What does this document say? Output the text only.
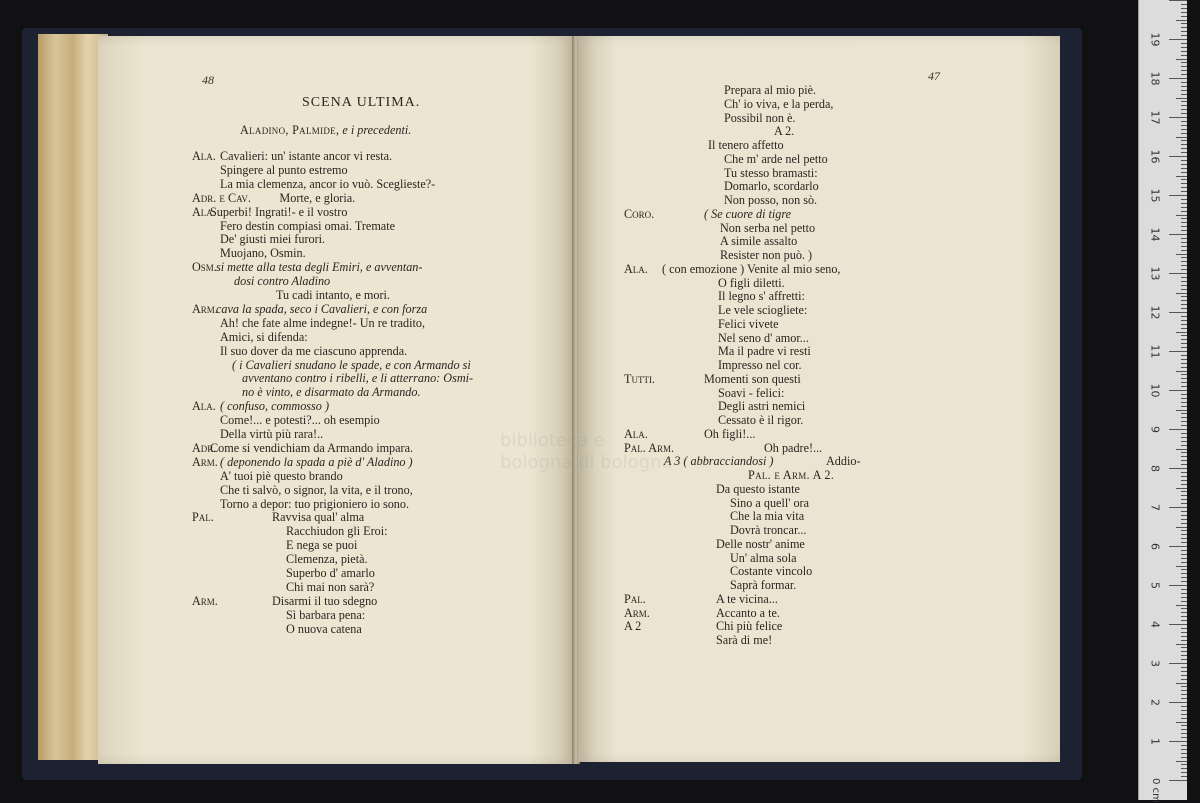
48
SCENA ULTIMA.
Aladino, Palmide, e i precedenti.
Ala. Cavalieri: un' istante ancor vi resta.
Spingere al punto estremo
La mia clemenza, ancor io vuò. Sceglieste?-
Adr. e Cav. Morte, e gloria.
Ala.
Superbi! Ingrati!- e il vostro
Fero destin compiasi omai. Tremate
De' giusti miei furori.
Muojano, Osmin.
Osm. si mette alla testa degli Emiri, e avventan-
dosi contro Aladino
Tu cadi intanto, e mori.
Arm.
cava la spada, seco i Cavalieri, e con forza
Ah! che fate alme indegne!- Un re tradito,
Amici, si difenda:
Il suo dover da me ciascuno apprenda.
( i Cavalieri snudano le spade, e con Armando si
avventano contro i ribelli, e li atterrano: Osmi-
no è vinto, e disarmato da Armando.
Ala. ( confuso, commosso )
Come!... e potesti?... oh esempio
Della virtù più rara!..
Adr.
Come si vendichiam da Armando impara.
Arm. ( deponendo la spada a piè d' Aladino )
A' tuoi piè questo brando
Che ti salvò, o signor, la vita, e il trono,
Torno a depor: tuo prigioniero io sono.
Pal.	Ravvisa qual' alma
Racchiudon gli Eroi:
E nega se puoi
Clemenza, pietà.
Superbo d' amarlo
Chi mai non sarà?
Arm.	Disarmi il tuo sdegno
Sì barbara pena:
O nuova catena
47
Prepara al mio piè.
Ch' io viva, e la perda,
Possibil non è.
A 2.
Il tenero affetto
Che m' arde nel petto
Tu stesso bramasti:
Domarlo, scordarlo
Non posso, non sò.
Coro.	( Se cuore di tigre
Non serba nel petto
A simile assalto
Resister non può. )
Ala. ( con emozione ) Venite al mio seno,
O figli diletti.
Il legno s' affretti:
Le vele sciogliete:
Felici vivete
Nel seno d' amor...
Ma il padre vi resti
Impresso nel cor.
Tutti.	Momenti son questi
Soavi - felici:
Degli astri nemici
Cessato è il rigor.
Ala.	Oh figli!...
Pal. Arm.	Oh padre!...
A 3 ( abbracciandosi )
Pal. e Arm. A 2.
Da questo istante
Sino a quell' ora
Che la mia vita
Dovrà troncar...
Delle nostr' anime
Un' alma sola
Costante vincolo
Saprà formar.
Pal.	A te vicina...
Arm.	Accanto a te.
A 2	Chi più felice
Sarà di me!
Addio-
biblioteca e bologna di bologna
1
2
3
4
5
6
7
8
9
10
11
12
13
14
15
16
17
18
19
0 cm
